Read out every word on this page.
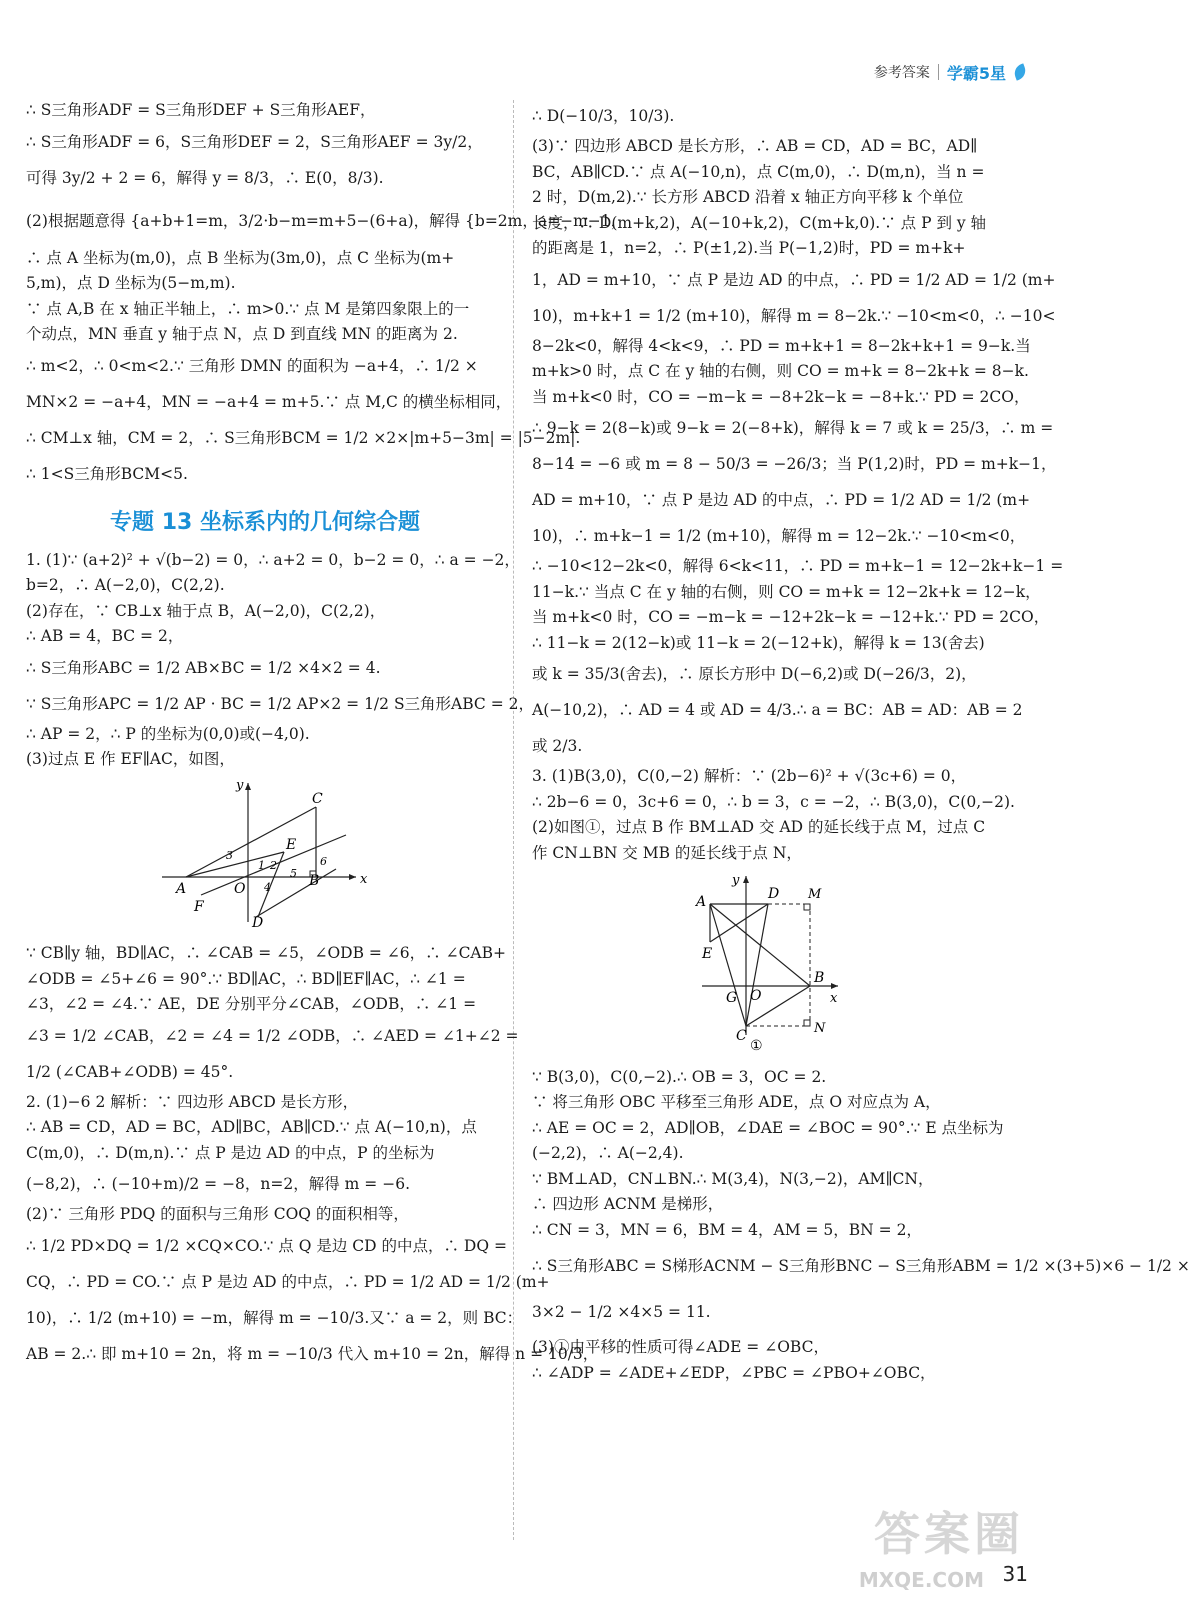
参考答案 学霸5星
∴ S三角形ADF = S三角形DEF + S三角形AEF，
∴ S三角形ADF = 6，S三角形DEF = 2，S三角形AEF = 3y/2，
可得 3y/2 + 2 = 6，解得 y = 8/3，∴ E(0，8/3).
(2)根据题意得 {a+b+1=m，3/2·b−m=m+5−(6+a)，解得 {b=2m，a=−m−1，
∴ 点 A 坐标为(m,0)，点 B 坐标为(3m,0)，点 C 坐标为(m+
5,m)，点 D 坐标为(5−m,m).
∵ 点 A,B 在 x 轴正半轴上，∴ m>0.∵ 点 M 是第四象限上的一
个动点，MN 垂直 y 轴于点 N，点 D 到直线 MN 的距离为 2.
∴ m<2，∴ 0<m<2.∵ 三角形 DMN 的面积为 −a+4，∴ 1/2 ×
MN×2 = −a+4，MN = −a+4 = m+5.∵ 点 M,C 的横坐标相同，
∴ CM⊥x 轴，CM = 2，∴ S三角形BCM = 1/2 ×2×|m+5−3m| = |5−2m|.
∴ 1<S三角形BCM<5.
专题 13 坐标系内的几何综合题
1. (1)∵ (a+2)² + √(b−2) = 0，∴ a+2 = 0，b−2 = 0，∴ a = −2，
b=2，∴ A(−2,0)，C(2,2).
(2)存在，∵ CB⊥x 轴于点 B，A(−2,0)，C(2,2)，
∴ AB = 4，BC = 2，
∴ S三角形ABC = 1/2 AB×BC = 1/2 ×4×2 = 4.
∵ S三角形APC = 1/2 AP · BC = 1/2 AP×2 = 1/2 S三角形ABC = 2，
∴ AP = 2，∴ P 的坐标为(0,0)或(−4,0).
(3)过点 E 作 EF∥AC，如图，
A	B
C
D
E
F
O
x
y
1 2
3
4
5
6
∵ CB∥y 轴，BD∥AC，∴ ∠CAB = ∠5，∠ODB = ∠6，∴ ∠CAB+
∠ODB = ∠5+∠6 = 90°.∵ BD∥AC，∴ BD∥EF∥AC，∴ ∠1 =
∠3，∠2 = ∠4.∵ AE，DE 分别平分∠CAB，∠ODB，∴ ∠1 =
∠3 = 1/2 ∠CAB，∠2 = ∠4 = 1/2 ∠ODB，∴ ∠AED = ∠1+∠2 =
1/2 (∠CAB+∠ODB) = 45°.
2. (1)−6 2 解析：∵ 四边形 ABCD 是长方形，
∴ AB = CD，AD = BC，AD∥BC，AB∥CD.∵ 点 A(−10,n)，点
C(m,0)，∴ D(m,n).∵ 点 P 是边 AD 的中点，P 的坐标为
(−8,2)，∴ (−10+m)/2 = −8，n=2，解得 m = −6.
(2)∵ 三角形 PDQ 的面积与三角形 COQ 的面积相等，
∴ 1/2 PD×DQ = 1/2 ×CQ×CO.∵ 点 Q 是边 CD 的中点，∴ DQ =
CQ，∴ PD = CO.∵ 点 P 是边 AD 的中点，∴ PD = 1/2 AD = 1/2 (m+
10)，∴ 1/2 (m+10) = −m，解得 m = −10/3.又∵ a = 2，则 BC：
AB = 2.∴ 即 m+10 = 2n，将 m = −10/3 代入 m+10 = 2n，解得 n = 10/3，
∴ D(−10/3，10/3).
(3)∵ 四边形 ABCD 是长方形，∴ AB = CD，AD = BC，AD∥
BC，AB∥CD.∵ 点 A(−10,n)，点 C(m,0)，∴ D(m,n)，当 n =
2 时，D(m,2).∵ 长方形 ABCD 沿着 x 轴正方向平移 k 个单位
长度，∴ D(m+k,2)，A(−10+k,2)，C(m+k,0).∵ 点 P 到 y 轴
的距离是 1，n=2，∴ P(±1,2).当 P(−1,2)时，PD = m+k+
1，AD = m+10，∵ 点 P 是边 AD 的中点，∴ PD = 1/2 AD = 1/2 (m+
10)，m+k+1 = 1/2 (m+10)，解得 m = 8−2k.∵ −10<m<0，∴ −10<
8−2k<0，解得 4<k<9，∴ PD = m+k+1 = 8−2k+k+1 = 9−k.当
m+k>0 时，点 C 在 y 轴的右侧，则 CO = m+k = 8−2k+k = 8−k.
当 m+k<0 时，CO = −m−k = −8+2k−k = −8+k.∵ PD = 2CO，
∴ 9−k = 2(8−k)或 9−k = 2(−8+k)，解得 k = 7 或 k = 25/3，∴ m =
8−14 = −6 或 m = 8 − 50/3 = −26/3；当 P(1,2)时，PD = m+k−1，
AD = m+10，∵ 点 P 是边 AD 的中点，∴ PD = 1/2 AD = 1/2 (m+
10)，∴ m+k−1 = 1/2 (m+10)，解得 m = 12−2k.∵ −10<m<0，
∴ −10<12−2k<0，解得 6<k<11，∴ PD = m+k−1 = 12−2k+k−1 =
11−k.∵ 当点 C 在 y 轴的右侧，则 CO = m+k = 12−2k+k = 12−k，
当 m+k<0 时，CO = −m−k = −12+2k−k = −12+k.∵ PD = 2CO，
∴ 11−k = 2(12−k)或 11−k = 2(−12+k)，解得 k = 13(舍去)
或 k = 35/3(舍去)，∴ 原长方形中 D(−6,2)或 D(−26/3，2)，
A(−10,2)，∴ AD = 4 或 AD = 4/3.∴ a = BC：AB = AD：AB = 2
或 2/3.
3. (1)B(3,0)，C(0,−2) 解析：∵ (2b−6)² + √(3c+6) = 0，
∴ 2b−6 = 0，3c+6 = 0，∴ b = 3，c = −2，∴ B(3,0)，C(0,−2).
(2)如图①，过点 B 作 BM⊥AD 交 AD 的延长线于点 M，过点 C
作 CN⊥BN 交 MB 的延长线于点 N，
A
B
C
D
E
G
M
N
O	x
y
①
∵ B(3,0)，C(0,−2).∴ OB = 3，OC = 2.
∵ 将三角形 OBC 平移至三角形 ADE，点 O 对应点为 A，
∴ AE = OC = 2，AD∥OB，∠DAE = ∠BOC = 90°.∵ E 点坐标为
(−2,2)，∴ A(−2,4).
∵ BM⊥AD，CN⊥BN.∴ M(3,4)，N(3,−2)，AM∥CN，
∴ 四边形 ACNM 是梯形，
∴ CN = 3，MN = 6，BM = 4，AM = 5，BN = 2，
∴ S三角形ABC = S梯形ACNM − S三角形BNC − S三角形ABM = 1/2 ×(3+5)×6 − 1/2 ×
3×2 − 1/2 ×4×5 = 11.
(3)①由平移的性质可得∠ADE = ∠OBC，
∴ ∠ADP = ∠ADE+∠EDP，∠PBC = ∠PBO+∠OBC，
答案圈
MXQE.COM 31
